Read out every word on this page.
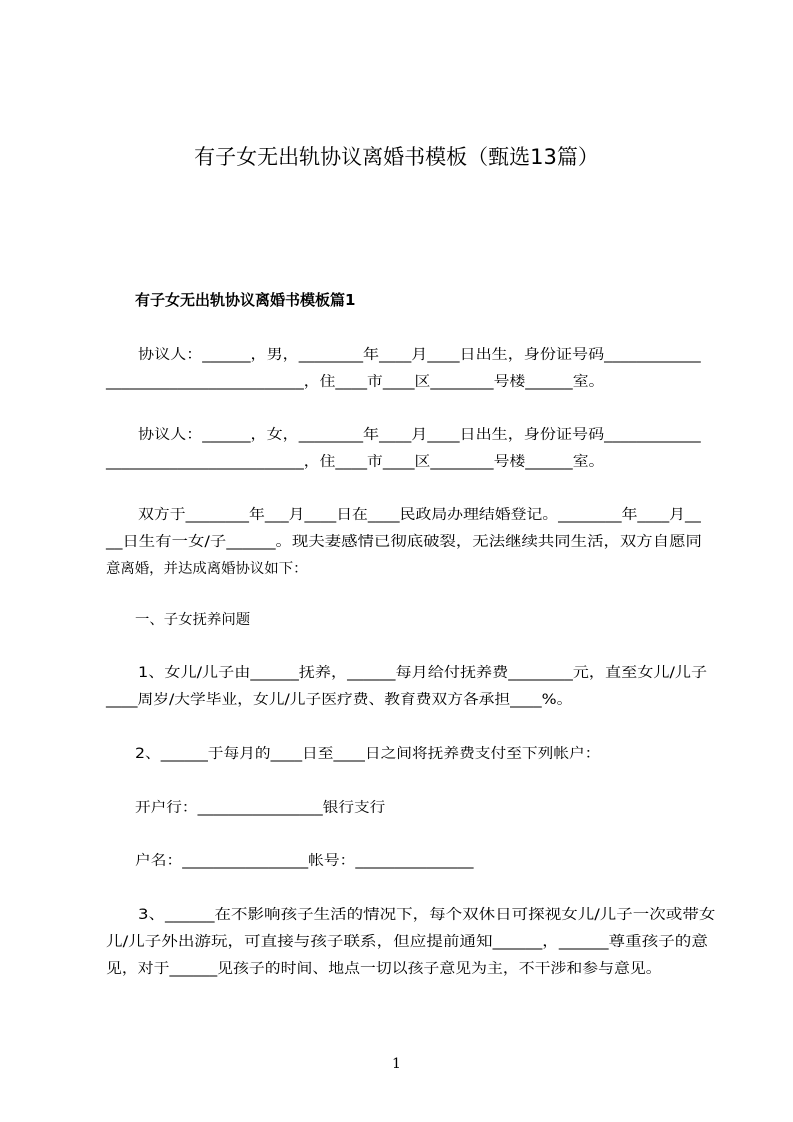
有子女无出轨协议离婚书模板（甄选13篇）
有子女无出轨协议离婚书模板篇1
协议人：______，男，________年____月____日出生，身份证号码____________
_________________________，住____市____区________号楼______室。
协议人：______，女，________年____月____日出生，身份证号码____________
_________________________，住____市____区________号楼______室。
双方于________年___月____日在____民政局办理结婚登记。________年____月__
__日生有一女/子______。现夫妻感情已彻底破裂，无法继续共同生活，双方自愿同
意离婚，并达成离婚协议如下：
一、子女抚养问题
1、女儿/儿子由______抚养，______每月给付抚养费________元，直至女儿/儿子
____周岁/大学毕业，女儿/儿子医疗费、教育费双方各承担____%。
2、______于每月的____日至____日之间将抚养费支付至下列帐户：
开户行：________________银行支行
户名：________________帐号：_______________
3、______在不影响孩子生活的情况下，每个双休日可探视女儿/儿子一次或带女
儿/儿子外出游玩，可直接与孩子联系，但应提前通知______，______尊重孩子的意
见，对于______见孩子的时间、地点一切以孩子意见为主，不干涉和参与意见。
1
